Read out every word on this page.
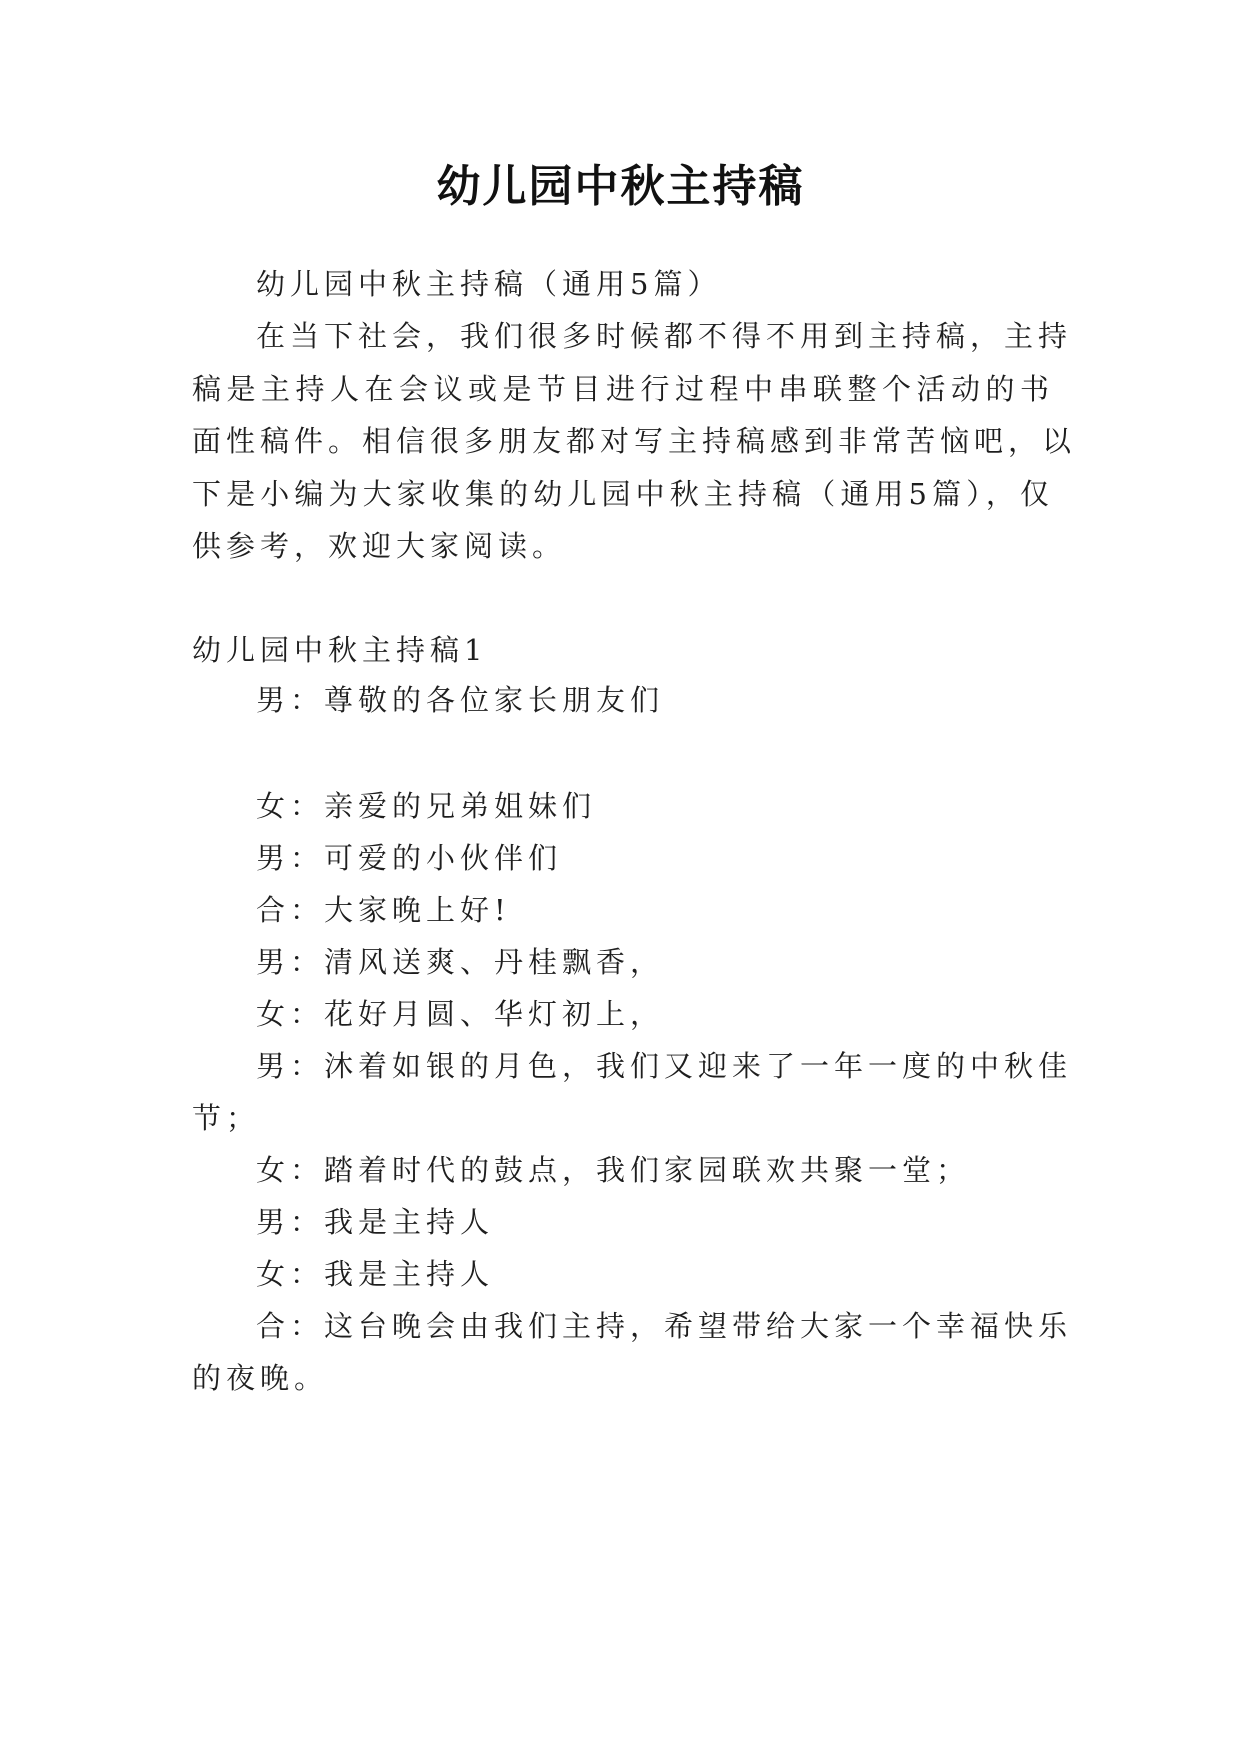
幼儿园中秋主持稿
幼儿园中秋主持稿（通用5篇）
在当下社会，我们很多时候都不得不用到主持稿，主持
稿是主持人在会议或是节目进行过程中串联整个活动的书
面性稿件。相信很多朋友都对写主持稿感到非常苦恼吧，以
下是小编为大家收集的幼儿园中秋主持稿（通用5篇），仅
供参考，欢迎大家阅读。
幼儿园中秋主持稿1
男：尊敬的各位家长朋友们
女：亲爱的兄弟姐妹们
男：可爱的小伙伴们
合：大家晚上好!
男：清风送爽、丹桂飘香，
女：花好月圆、华灯初上，
男：沐着如银的月色，我们又迎来了一年一度的中秋佳
节；
女：踏着时代的鼓点，我们家园联欢共聚一堂；
男：我是主持人
女：我是主持人
合：这台晚会由我们主持，希望带给大家一个幸福快乐
的夜晚。
